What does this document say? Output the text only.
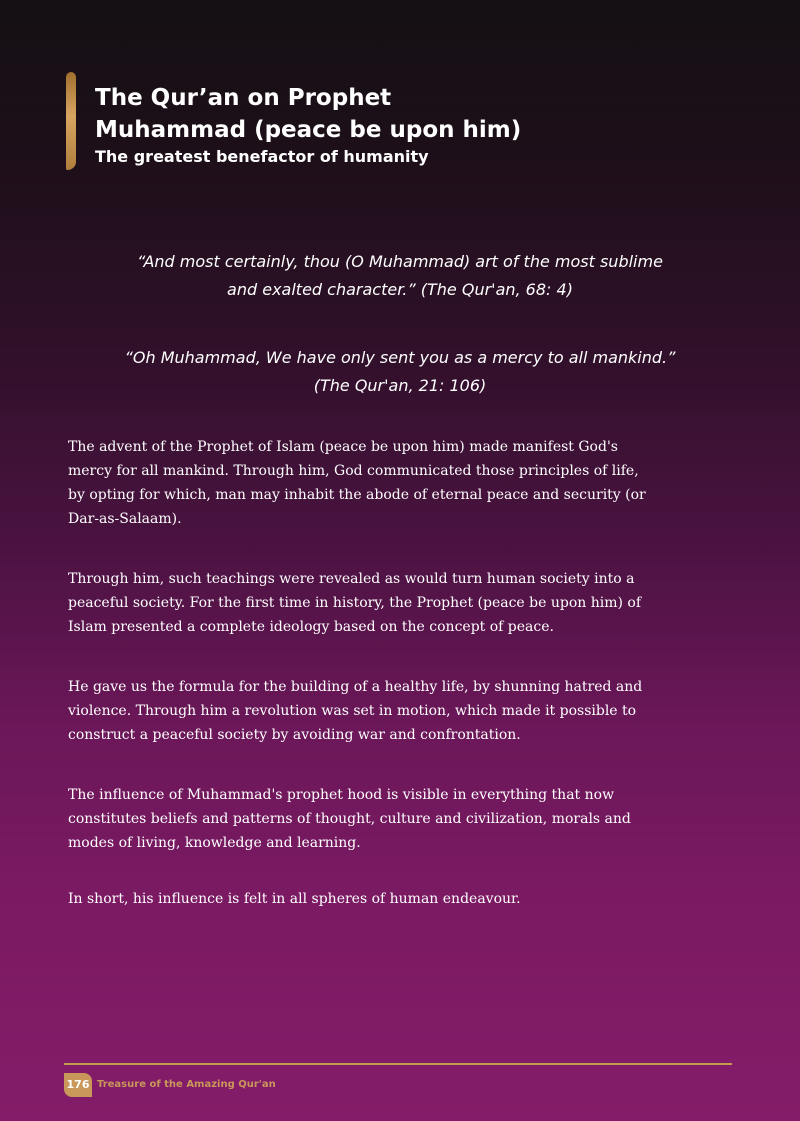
The Qur’an on Prophet

Muhammad (peace be upon him)

The greatest benefactor of humanity

“And most certainly, thou (O Muhammad) art of the most sublime
and exalted character.” (The Qur'an, 68: 4)

“Oh Muhammad, We have only sent you as a mercy to all mankind.”
(The Qur'an, 21: 106)

The advent of the Prophet of Islam (peace be upon him) made manifest God's
mercy for all mankind. Through him, God communicated those principles of life,
by opting for which, man may inhabit the abode of eternal peace and security (or
Dar-as-Salaam).

Through him, such teachings were revealed as would turn human society into a
peaceful society. For the first time in history, the Prophet (peace be upon him) of
Islam presented a complete ideology based on the concept of peace.

He gave us the formula for the building of a healthy life, by shunning hatred and
violence. Through him a revolution was set in motion, which made it possible to
construct a peaceful society by avoiding war and confrontation.

The influence of Muhammad's prophet hood is visible in everything that now
constitutes beliefs and patterns of thought, culture and civilization, morals and
modes of living, knowledge and learning.

In short, his influence is felt in all spheres of human endeavour.

176 Treasure of the Amazing Qur'an
